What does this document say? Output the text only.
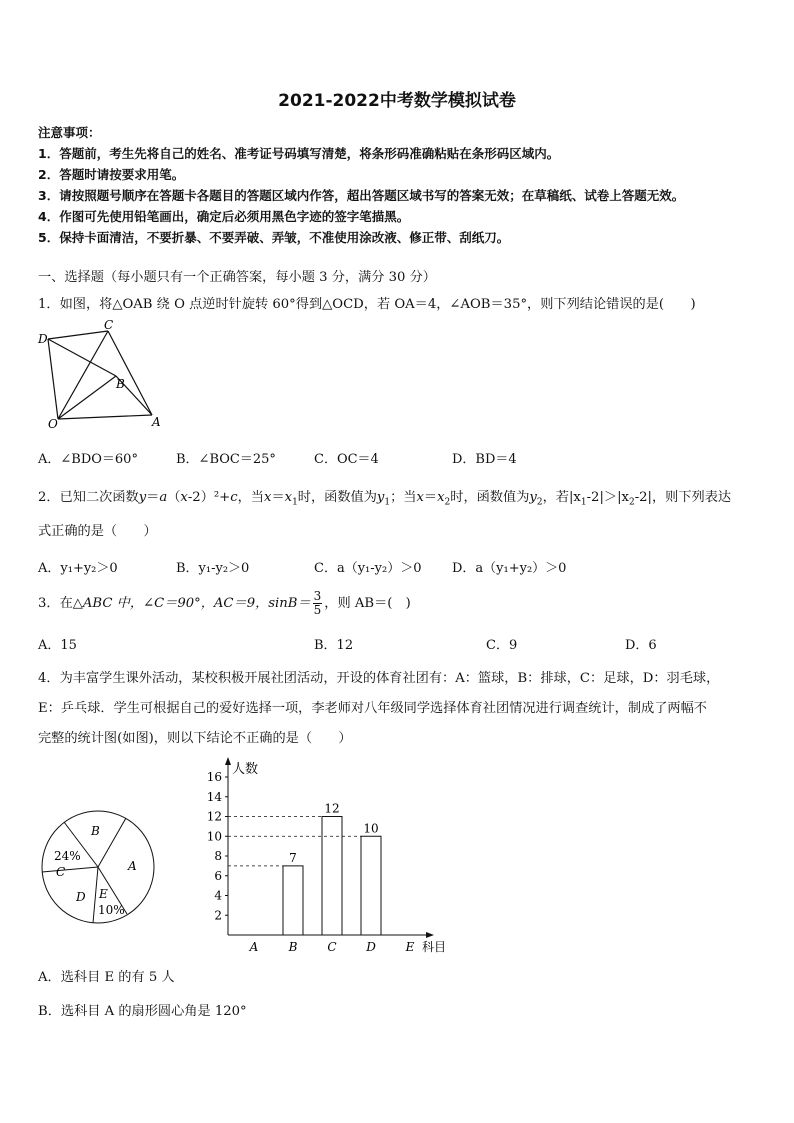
2021-2022中考数学模拟试卷
注意事项：
1．答题前，考生先将自己的姓名、准考证号码填写清楚，将条形码准确粘贴在条形码区域内。
2．答题时请按要求用笔。
3．请按照题号顺序在答题卡各题目的答题区域内作答，超出答题区域书写的答案无效；在草稿纸、试卷上答题无效。
4．作图可先使用铅笔画出，确定后必须用黑色字迹的签字笔描黑。
5．保持卡面清洁，不要折暴、不要弄破、弄皱，不准使用涂改液、修正带、刮纸刀。
一、选择题（每小题只有一个正确答案，每小题 3 分，满分 30 分）
1．如图，将△OAB 绕 O 点逆时针旋转 60°得到△OCD，若 OA＝4，∠AOB＝35°，则下列结论错误的是(　　)
D
C
B
O	A
A．∠BDO＝60°	B．∠BOC＝25°	C．OC＝4	D．BD＝4
2．已知二次函数y＝a（x-2）²+c，当$x=x_1$时，函数值为$y_1$；当$x=x_2$时，函数值为$y_2$，若$|x_1-2|>|x_2-2|$，则下列表达
式正确的是（　　）
A．y₁+y₂＞0	B．y₁-y₂＞0	C．a（y₁-y₂）＞0 D．a（y₁+y₂）＞0
3．在△ABC 中，∠C＝90°，AC＝9，$\sin B= \frac{3}{5}$ ，则 AB＝(　)
A．15	B．12	C．9	D．6
4．为丰富学生课外活动，某校积极开展社团活动，开设的体育社团有：A：篮球，B：排球，C：足球，D：羽毛球，
E：乒乓球．学生可根据自己的爱好选择一项，李老师对八年级同学选择体育社团情况进行调查统计，制成了两幅不
完整的统计图(如图)，则以下结论不正确的是（　　）
B
A
24%
C
D E
10%
人数
科目
2
4
6
8
10
12
14
16
A	B
7
C
12
D
10
E
A．选科目 E 的有 5 人
B．选科目 A 的扇形圆心角是 120°
